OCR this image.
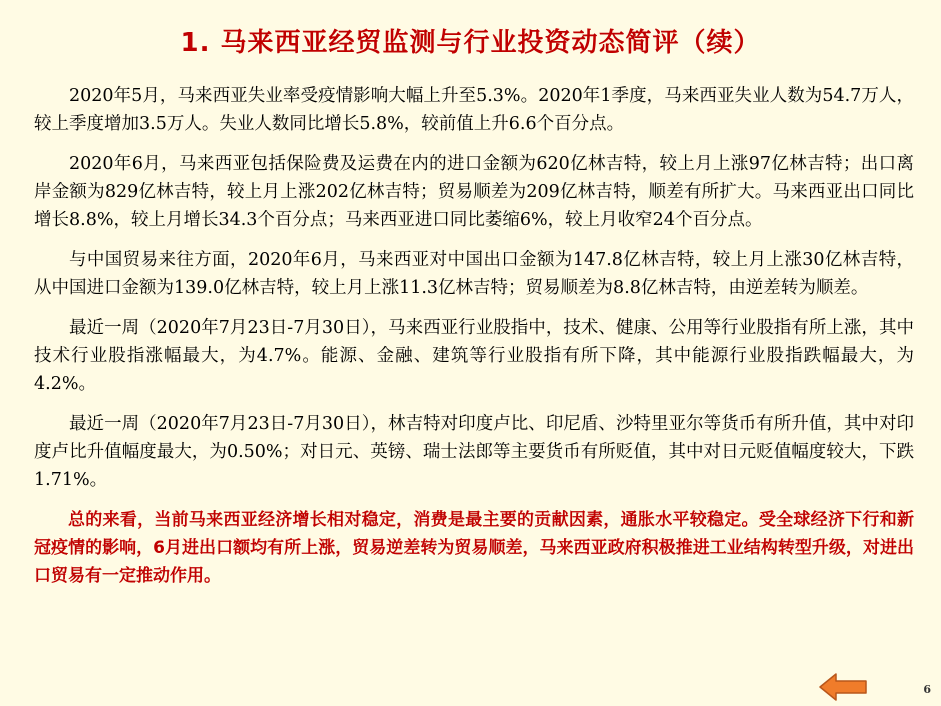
1. 马来西亚经贸监测与行业投资动态简评（续）

2020年5月，马来西亚失业率受疫情影响大幅上升至5.3%。2020年1季度，马来西亚失业人数为54.7万人，较上季度增加3.5万人。失业人数同比增长5.8%，较前值上升6.6个百分点。

2020年6月，马来西亚包括保险费及运费在内的进口金额为620亿林吉特，较上月上涨97亿林吉特；出口离岸金额为829亿林吉特，较上月上涨202亿林吉特；贸易顺差为209亿林吉特，顺差有所扩大。马来西亚出口同比增长8.8%，较上月增长34.3个百分点；马来西亚进口同比萎缩6%，较上月收窄24个百分点。

与中国贸易来往方面，2020年6月，马来西亚对中国出口金额为147.8亿林吉特，较上月上涨30亿林吉特，从中国进口金额为139.0亿林吉特，较上月上涨11.3亿林吉特；贸易顺差为8.8亿林吉特，由逆差转为顺差。

最近一周（2020年7月23日-7月30日），马来西亚行业股指中，技术、健康、公用等行业股指有所上涨，其中技术行业股指涨幅最大，为4.7%。能源、金融、建筑等行业股指有所下降，其中能源行业股指跌幅最大，为4.2%。

最近一周（2020年7月23日-7月30日），林吉特对印度卢比、印尼盾、沙特里亚尔等货币有所升值，其中对印度卢比升值幅度最大，为0.50%；对日元、英镑、瑞士法郎等主要货币有所贬值，其中对日元贬值幅度较大，下跌1.71%。

总的来看，当前马来西亚经济增长相对稳定，消费是最主要的贡献因素，通胀水平较稳定。受全球经济下行和新冠疫情的影响，6月进出口额均有所上涨，贸易逆差转为贸易顺差，马来西亚政府积极推进工业结构转型升级，对进出口贸易有一定推动作用。

6
